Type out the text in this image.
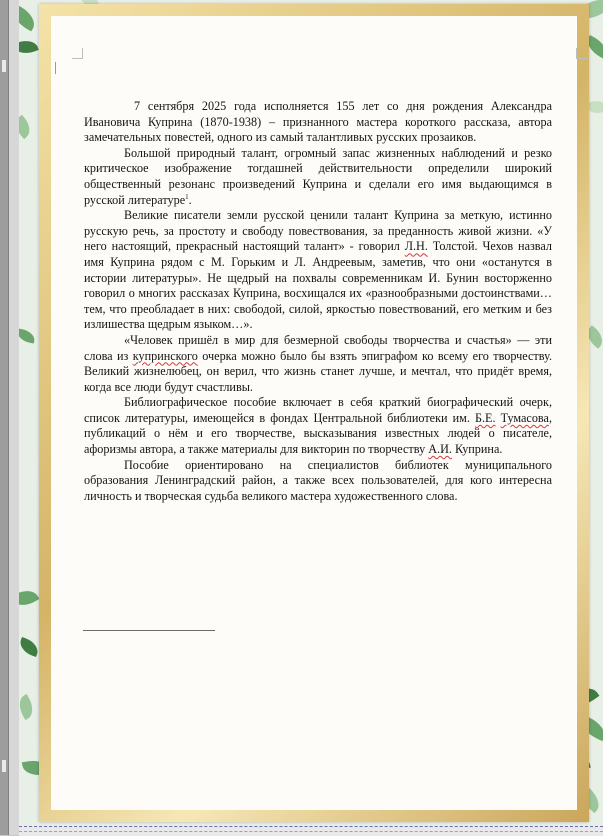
7 сентября 2025 года исполняется 155 лет со дня рождения Александра Ивановича Куприна (1870-1938) – признанного мастера короткого рассказа, автора замечательных повестей, одного из самый талантливых русских прозаиков.

Большой природный талант, огромный запас жизненных наблюдений и резко критическое изображение тогдашней действительности определили широкий общественный резонанс произведений Куприна и сделали его имя выдающимся в русской литературе$^1$.

Великие писатели земли русской ценили талант Куприна за меткую, истинно русскую речь, за простоту и свободу повествования, за преданность живой жизни. «У него настоящий, прекрасный настоящий талант» - говорил Л.Н. Толстой. Чехов назвал имя Куприна рядом с М. Горьким и Л. Андреевым, заметив, что они «останутся в истории литературы». Не щедрый на похвалы современникам И. Бунин восторженно говорил о многих рассказах Куприна, восхищался их «разнообразными достоинствами… тем, что преобладает в них: свободой, силой, яркостью повествований, его метким и без излишества щедрым языком…».

«Человек пришёл в мир для безмерной свободы творчества и счастья» — эти слова из купринского очерка можно было бы взять эпиграфом ко всему его творчеству. Великий жизнелюбец, он верил, что жизнь станет лучше, и мечтал, что придёт время, когда все люди будут счастливы.

Библиографическое пособие включает в себя краткий биографический очерк, список литературы, имеющейся в фондах Центральной библиотеки им. Б.Е. Тумасова, публикаций о нём и его творчестве, высказывания известных людей о писателе, афоризмы автора, а также материалы для викторин по творчеству А.И. Куприна.

Пособие ориентировано на специалистов библиотек муниципального образования Ленинградский район, а также всех пользователей, для кого интересна личность и творческая судьба великого мастера художественного слова.
